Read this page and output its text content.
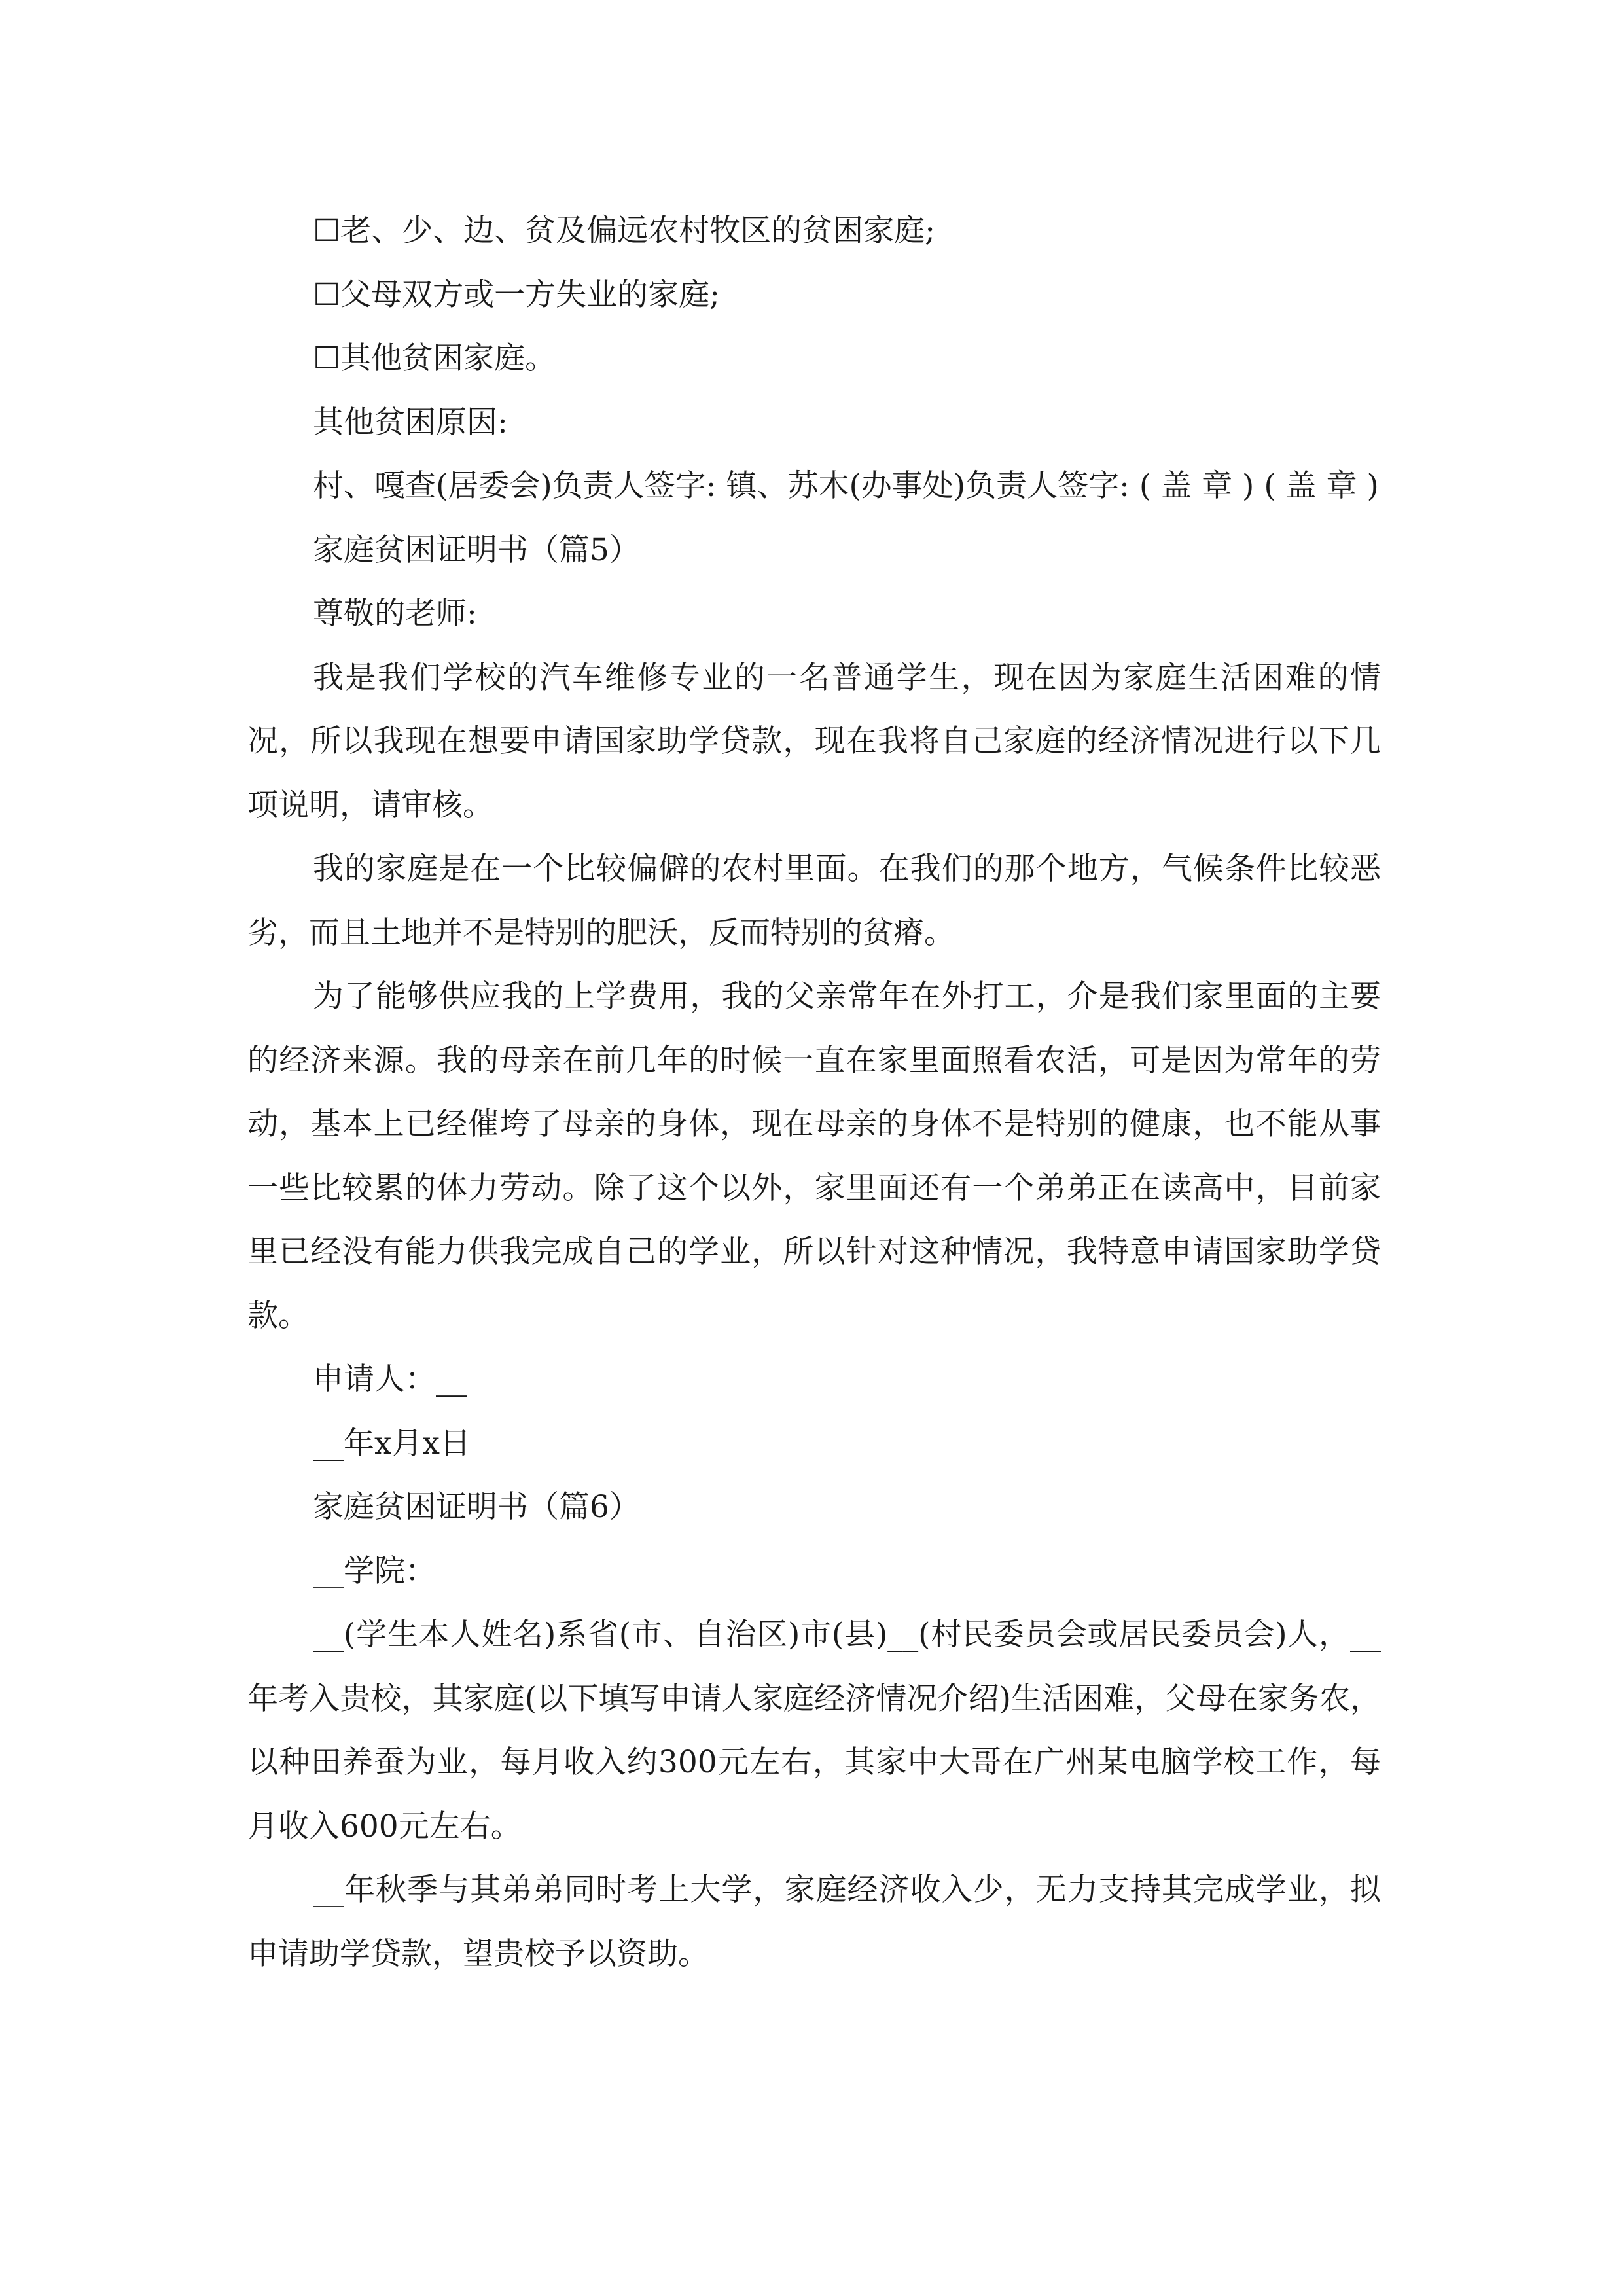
☐老、少、边、贫及偏远农村牧区的贫困家庭;

☐父母双方或一方失业的家庭;

☐其他贫困家庭。

其他贫困原因:

村、嘎查(居委会)负责人签字: 镇、苏木(办事处)负责人签字: ( 盖 章 ) ( 盖 章 )

家庭贫困证明书（篇5）

尊敬的老师:

我是我们学校的汽车维修专业的一名普通学生，现在因为家庭生活困难的情况，所以我现在想要申请国家助学贷款，现在我将自己家庭的经济情况进行以下几项说明，请审核。

我的家庭是在一个比较偏僻的农村里面。在我们的那个地方，气候条件比较恶劣，而且土地并不是特别的肥沃，反而特别的贫瘠。

为了能够供应我的上学费用，我的父亲常年在外打工，介是我们家里面的主要的经济来源。我的母亲在前几年的时候一直在家里面照看农活，可是因为常年的劳动，基本上已经催垮了母亲的身体，现在母亲的身体不是特别的健康，也不能从事一些比较累的体力劳动。除了这个以外，家里面还有一个弟弟正在读高中，目前家里已经没有能力供我完成自己的学业，所以针对这种情况，我特意申请国家助学贷款。

申请人：__

__年x月x日

家庭贫困证明书（篇6）

__学院：

__(学生本人姓名)系省(市、自治区)市(县)__(村民委员会或居民委员会)人，__年考入贵校，其家庭(以下填写申请人家庭经济情况介绍)生活困难，父母在家务农，以种田养蚕为业，每月收入约300元左右，其家中大哥在广州某电脑学校工作，每月收入600元左右。

__年秋季与其弟弟同时考上大学，家庭经济收入少，无力支持其完成学业，拟申请助学贷款，望贵校予以资助。
